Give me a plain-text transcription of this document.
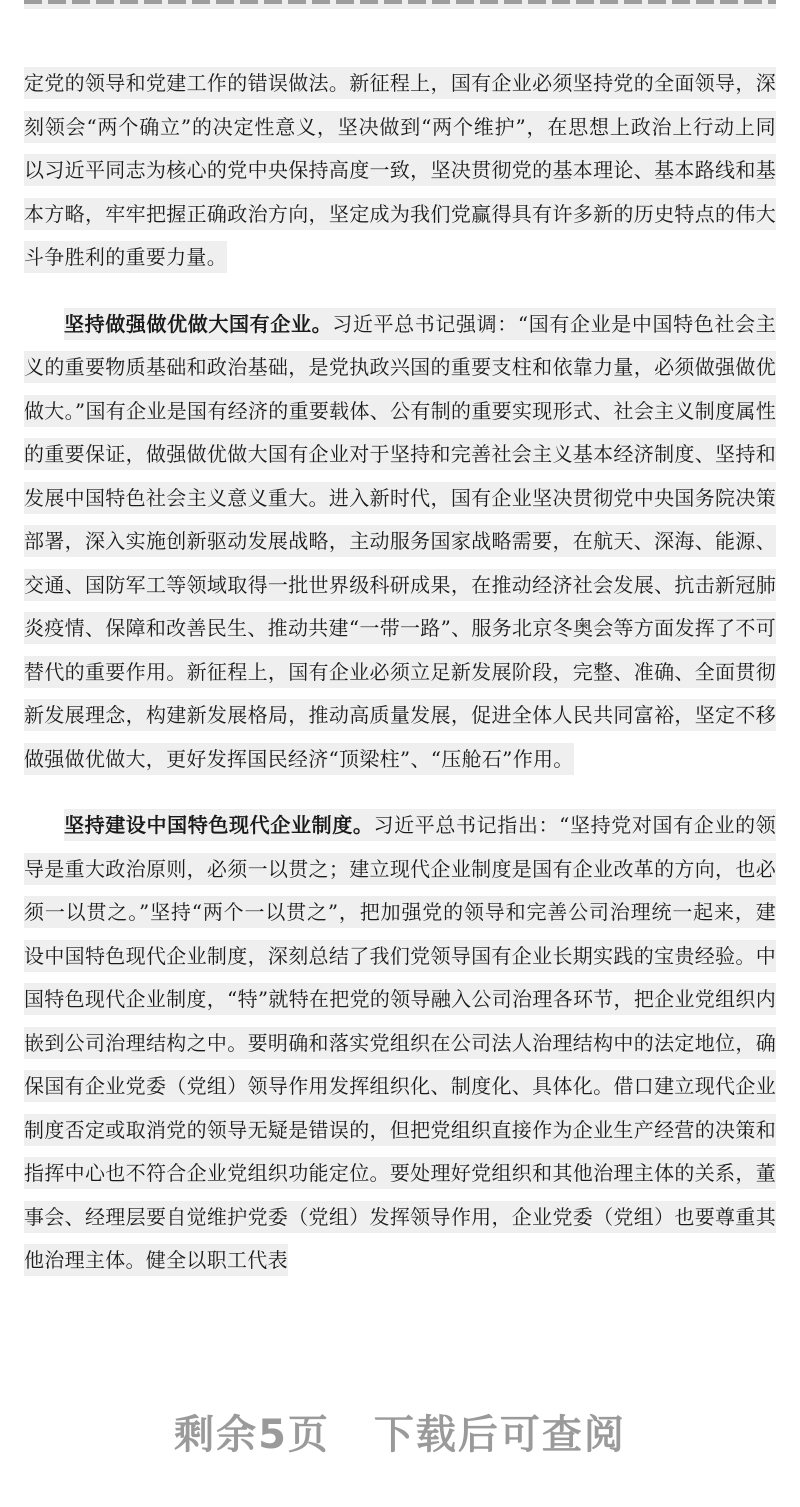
定党的领导和党建工作的错误做法。新征程上，国有企业必须坚持党的全面领导，深刻领会“两个确立”的决定性意义，坚决做到“两个维护”，在思想上政治上行动上同以习近平同志为核心的党中央保持高度一致，坚决贯彻党的基本理论、基本路线和基本方略，牢牢把握正确政治方向，坚定成为我们党赢得具有许多新的历史特点的伟大斗争胜利的重要力量。

坚持做强做优做大国有企业。习近平总书记强调：“国有企业是中国特色社会主义的重要物质基础和政治基础，是党执政兴国的重要支柱和依靠力量，必须做强做优做大。”国有企业是国有经济的重要载体、公有制的重要实现形式、社会主义制度属性的重要保证，做强做优做大国有企业对于坚持和完善社会主义基本经济制度、坚持和发展中国特色社会主义意义重大。进入新时代，国有企业坚决贯彻党中央国务院决策部署，深入实施创新驱动发展战略，主动服务国家战略需要，在航天、深海、能源、交通、国防军工等领域取得一批世界级科研成果，在推动经济社会发展、抗击新冠肺炎疫情、保障和改善民生、推动共建“一带一路”、服务北京冬奥会等方面发挥了不可替代的重要作用。新征程上，国有企业必须立足新发展阶段，完整、准确、全面贯彻新发展理念，构建新发展格局，推动高质量发展，促进全体人民共同富裕，坚定不移做强做优做大，更好发挥国民经济“顶梁柱”、“压舱石”作用。

坚持建设中国特色现代企业制度。习近平总书记指出：“坚持党对国有企业的领导是重大政治原则，必须一以贯之；建立现代企业制度是国有企业改革的方向，也必须一以贯之。”坚持“两个一以贯之”，把加强党的领导和完善公司治理统一起来，建设中国特色现代企业制度，深刻总结了我们党领导国有企业长期实践的宝贵经验。中国特色现代企业制度，“特”就特在把党的领导融入公司治理各环节，把企业党组织内嵌到公司治理结构之中。要明确和落实党组织在公司法人治理结构中的法定地位，确保国有企业党委（党组）领导作用发挥组织化、制度化、具体化。借口建立现代企业制度否定或取消党的领导无疑是错误的，但把党组织直接作为企业生产经营的决策和指挥中心也不符合企业党组织功能定位。要处理好党组织和其他治理主体的关系，董事会、经理层要自觉维护党委（党组）发挥领导作用，企业党委（党组）也要尊重其他治理主体。健全以职工代表

剩余5页 下载后可查阅
